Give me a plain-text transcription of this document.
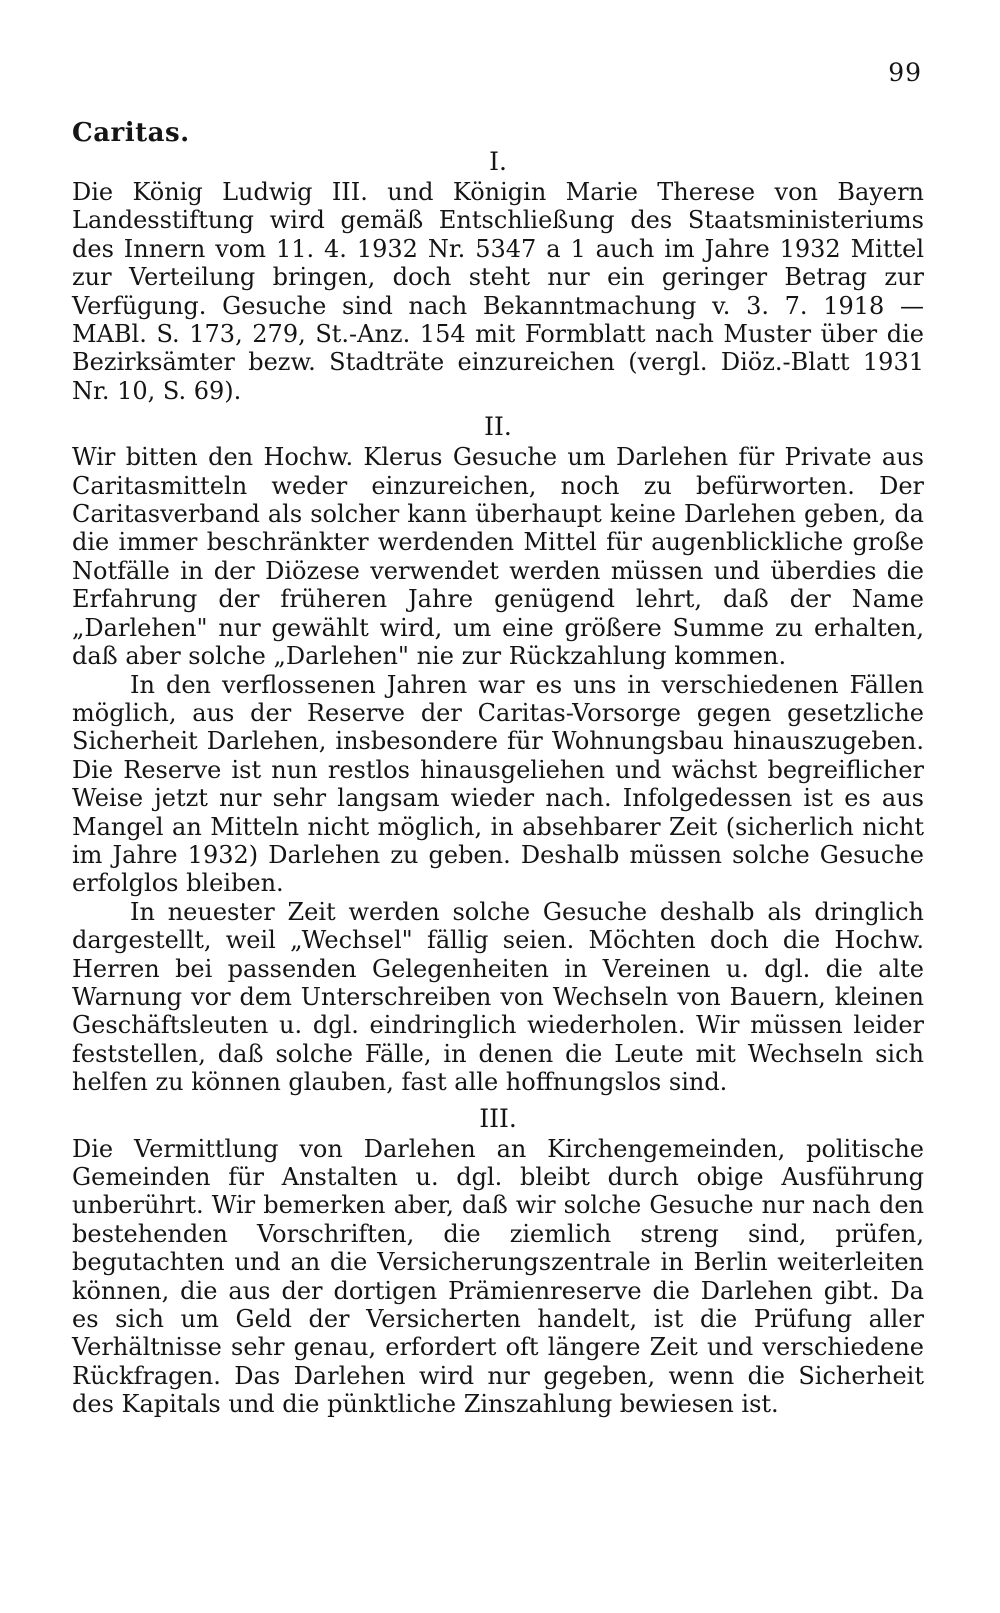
99
Caritas.
I.

Die König Ludwig III. und Königin Marie Therese von Bayern Landesstiftung wird gemäß Entschließung des Staatsministeriums des Innern vom 11. 4. 1932 Nr. 5347 a 1 auch im Jahre 1932 Mittel zur Verteilung bringen, doch steht nur ein geringer Betrag zur Verfügung. Gesuche sind nach Bekanntmachung v. 3. 7. 1918 — MABl. S. 173, 279, St.-Anz. 154 mit Formblatt nach Muster über die Bezirksämter bezw. Stadträte einzureichen (vergl. Diöz.-Blatt 1931 Nr. 10, S. 69).

II.

Wir bitten den Hochw. Klerus Gesuche um Darlehen für Private aus Caritasmitteln weder einzureichen, noch zu befürworten. Der Caritasverband als solcher kann überhaupt keine Darlehen geben, da die immer beschränkter werdenden Mittel für augenblickliche große Notfälle in der Diözese verwendet werden müssen und überdies die Erfahrung der früheren Jahre genügend lehrt, daß der Name „Darlehen" nur gewählt wird, um eine größere Summe zu erhalten, daß aber solche „Darlehen" nie zur Rückzahlung kommen.

In den verflossenen Jahren war es uns in verschiedenen Fällen möglich, aus der Reserve der Caritas-Vorsorge gegen gesetzliche Sicherheit Darlehen, insbesondere für Wohnungsbau hinauszugeben. Die Reserve ist nun restlos hinausgeliehen und wächst begreiflicher Weise jetzt nur sehr langsam wieder nach. Infolgedessen ist es aus Mangel an Mitteln nicht möglich, in absehbarer Zeit (sicherlich nicht im Jahre 1932) Darlehen zu geben. Deshalb müssen solche Gesuche erfolglos bleiben.

In neuester Zeit werden solche Gesuche deshalb als dringlich dargestellt, weil „Wechsel" fällig seien. Möchten doch die Hochw. Herren bei passenden Gelegenheiten in Vereinen u. dgl. die alte Warnung vor dem Unterschreiben von Wechseln von Bauern, kleinen Geschäftsleuten u. dgl. eindringlich wiederholen. Wir müssen leider feststellen, daß solche Fälle, in denen die Leute mit Wechseln sich helfen zu können glauben, fast alle hoffnungslos sind.

III.

Die Vermittlung von Darlehen an Kirchengemeinden, politische Gemeinden für Anstalten u. dgl. bleibt durch obige Ausführung unberührt. Wir bemerken aber, daß wir solche Gesuche nur nach den bestehenden Vorschriften, die ziemlich streng sind, prüfen, begutachten und an die Versicherungszentrale in Berlin weiterleiten können, die aus der dortigen Prämienreserve die Darlehen gibt. Da es sich um Geld der Versicherten handelt, ist die Prüfung aller Verhältnisse sehr genau, erfordert oft längere Zeit und verschiedene Rückfragen. Das Darlehen wird nur gegeben, wenn die Sicherheit des Kapitals und die pünktliche Zinszahlung bewiesen ist.
